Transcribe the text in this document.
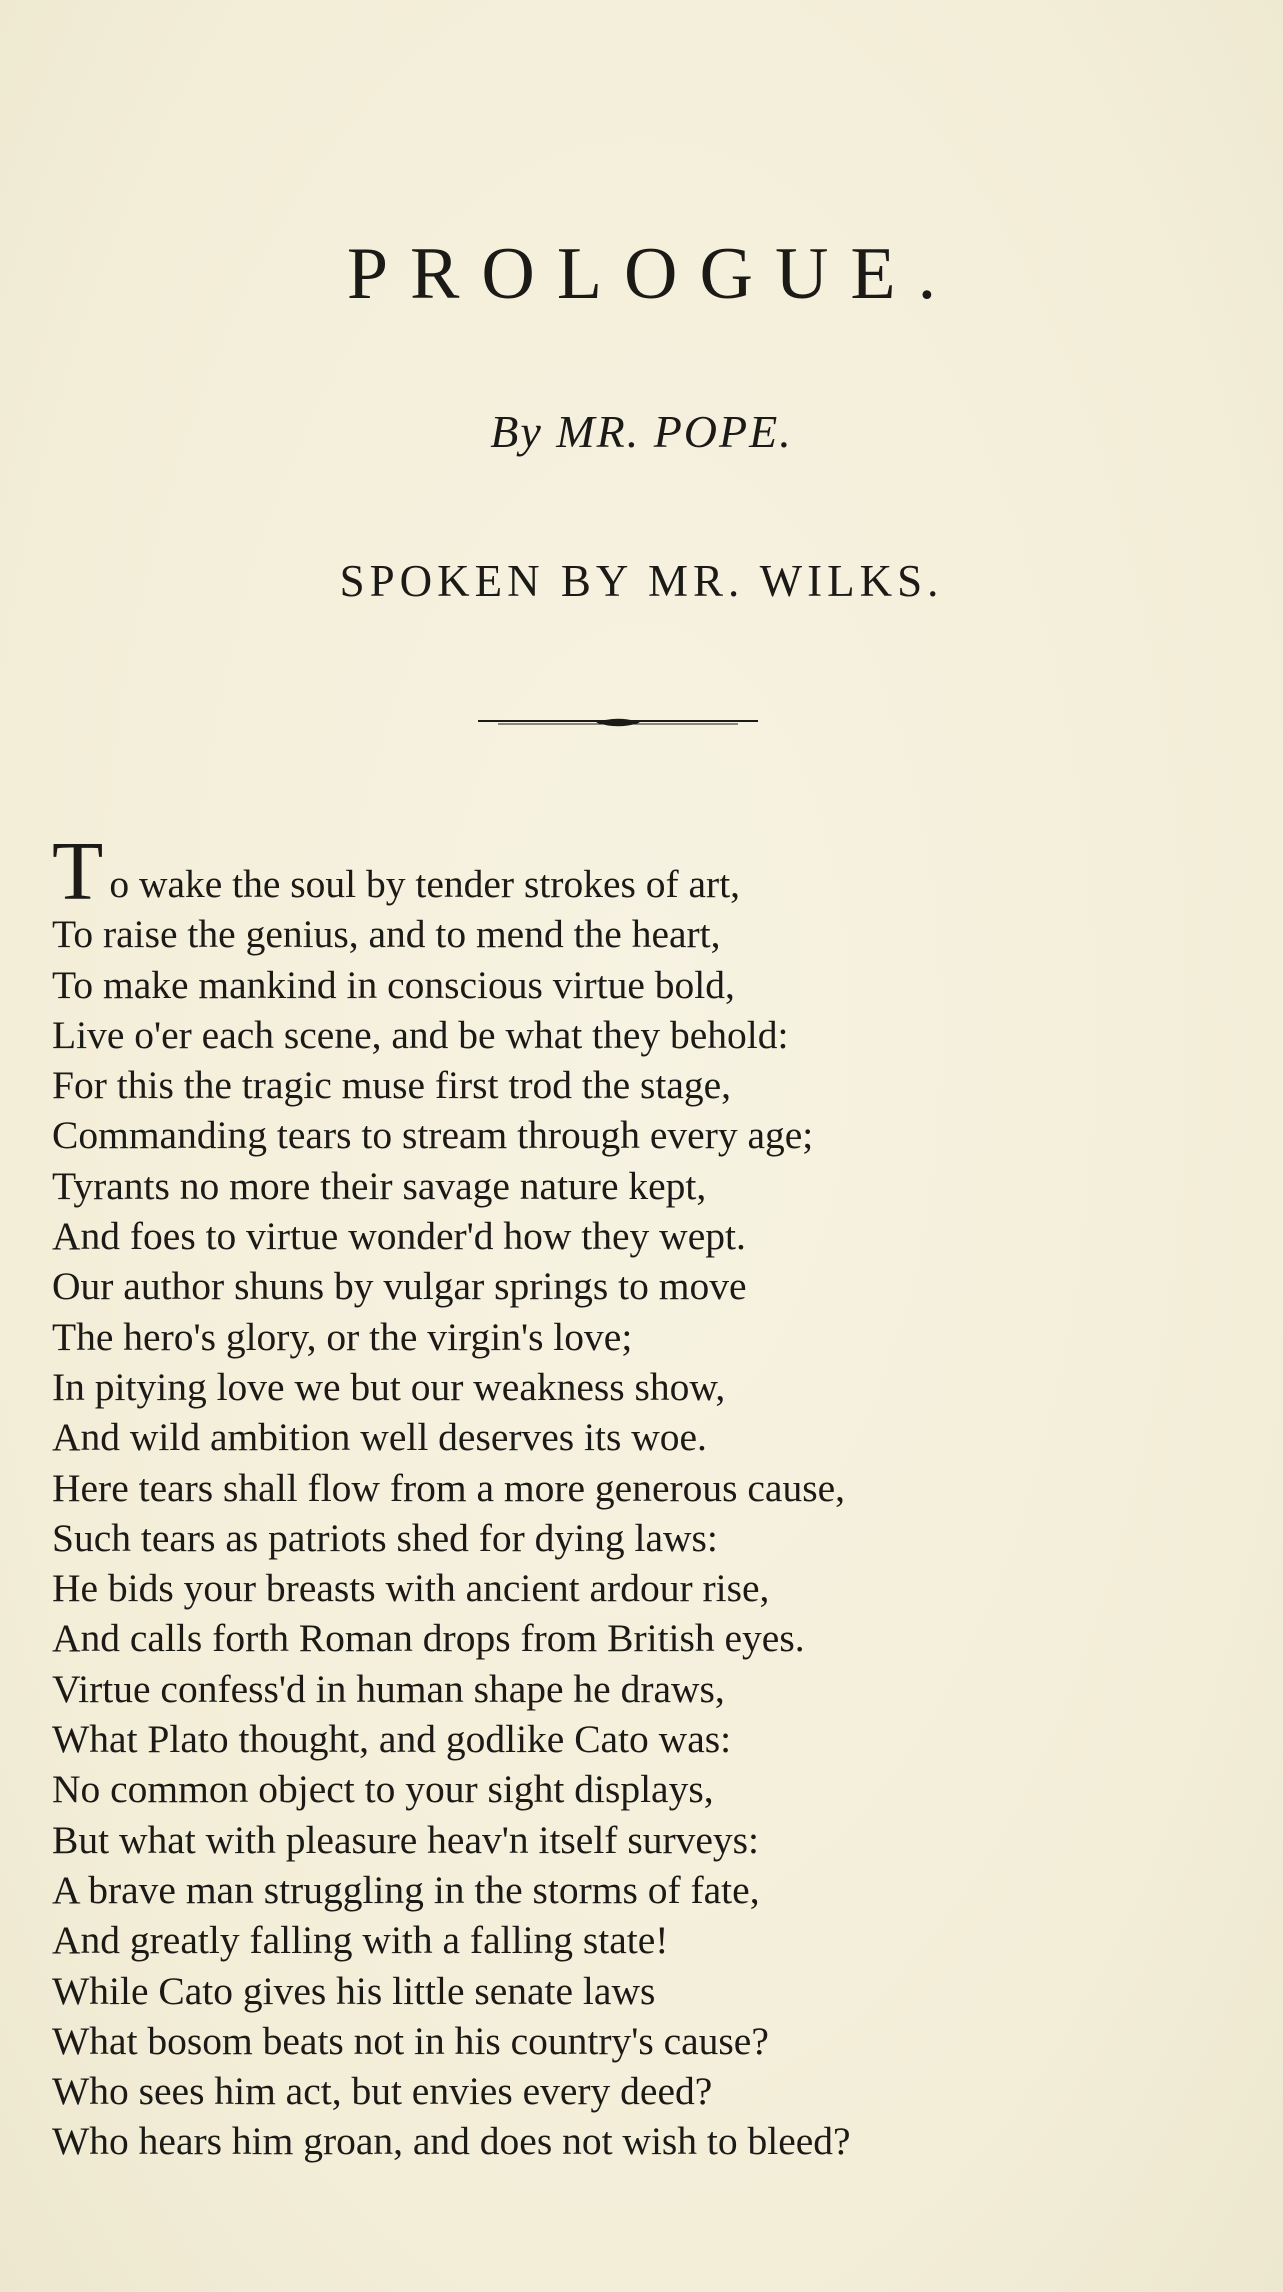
PROLOGUE.
By MR. POPE.
SPOKEN BY MR. WILKS.
To wake the soul by tender strokes of art,
To raise the genius, and to mend the heart,
To make mankind in conscious virtue bold,
Live o'er each scene, and be what they behold:
For this the tragic muse first trod the stage,
Commanding tears to stream through every age;
Tyrants no more their savage nature kept,
And foes to virtue wonder'd how they wept.
Our author shuns by vulgar springs to move
The hero's glory, or the virgin's love;
In pitying love we but our weakness show,
And wild ambition well deserves its woe.
Here tears shall flow from a more generous cause,
Such tears as patriots shed for dying laws:
He bids your breasts with ancient ardour rise,
And calls forth Roman drops from British eyes.
Virtue confess'd in human shape he draws,
What Plato thought, and godlike Cato was:
No common object to your sight displays,
But what with pleasure heav'n itself surveys:
A brave man struggling in the storms of fate,
And greatly falling with a falling state!
While Cato gives his little senate laws
What bosom beats not in his country's cause?
Who sees him act, but envies every deed?
Who hears him groan, and does not wish to bleed?
